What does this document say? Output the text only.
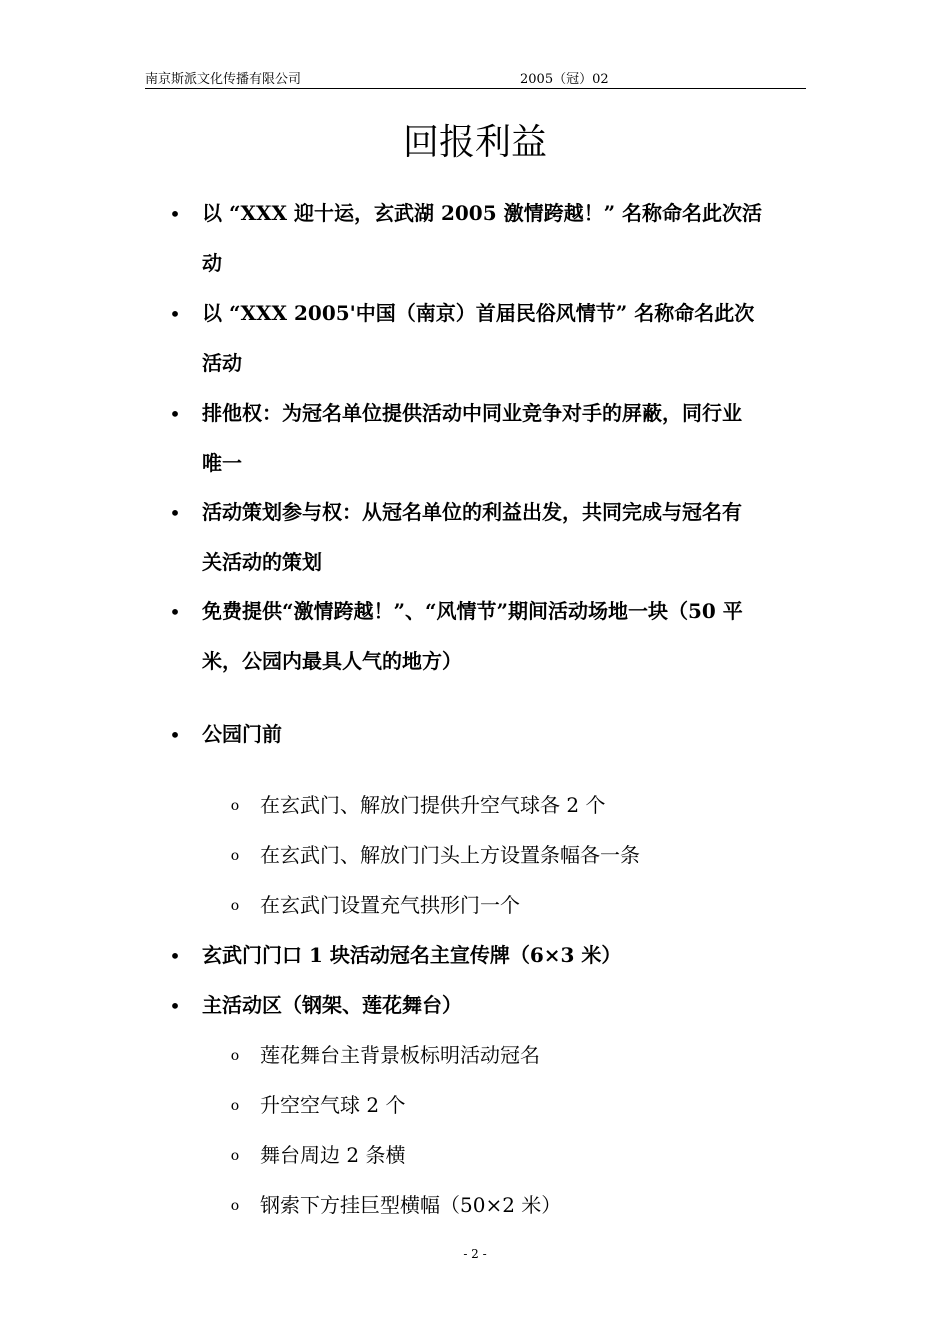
南京斯派文化传播有限公司	2005（冠）02
回报利益
• 以 “XXX 迎十运，玄武湖 2005 激情跨越！” 名称命名此次活
动
• 以 “XXX 2005'中国（南京）首届民俗风情节” 名称命名此次
活动
• 排他权：为冠名单位提供活动中同业竞争对手的屏蔽，同行业
唯一
• 活动策划参与权：从冠名单位的利益出发，共同完成与冠名有
关活动的策划
• 免费提供“激情跨越！”、“风情节”期间活动场地一块（50 平
米，公园内最具人气的地方）
• 公园门前
o 在玄武门、解放门提供升空气球各 2 个
o 在玄武门、解放门门头上方设置条幅各一条
o 在玄武门设置充气拱形门一个
• 玄武门门口 1 块活动冠名主宣传牌（6×3 米）
• 主活动区（钢架、莲花舞台）
o 莲花舞台主背景板标明活动冠名
o 升空空气球 2 个
o 舞台周边 2 条横
o 钢索下方挂巨型横幅（50×2 米）
- 2 -
